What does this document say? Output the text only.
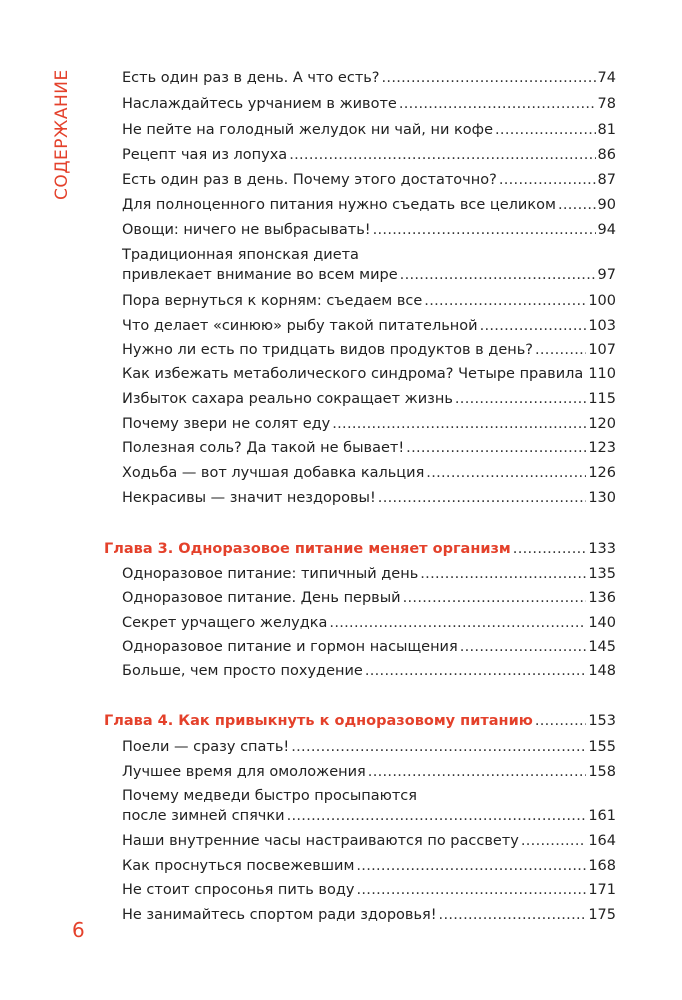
СОДЕРЖАНИЕ
6
Есть один раз в день. А что есть? .....	74
Наслаждайтесь урчанием в животе .....	78
Не пейте на голодный желудок ни чай, ни кофе .....	81
Рецепт чая из лопуха .....	86
Есть один раз в день. Почему этого достаточно? .....	87
Для полноценного питания нужно съедать все целиком .....	90
Овощи: ничего не выбрасывать! .....	94
Традиционная японская диета
привлекает внимание во всем мире .....	97
Пора вернуться к корням: съедаем все .....	100
Что делает «синюю» рыбу такой питательной .....	103
Нужно ли есть по тридцать видов продуктов в день? .....	107
Как избежать метаболического синдрома? Четыре правила ..... 110
Избыток сахара реально сокращает жизнь .....	115
Почему звери не солят еду .....	120
Полезная соль? Да такой не бывает! .....	123
Ходьба — вот лучшая добавка кальция .....	126
Некрасивы — значит нездоровы! .....	130
Глава 3. Одноразовое питание меняет организм .....	133
Одноразовое питание: типичный день .....	135
Одноразовое питание. День первый .....	136
Секрет урчащего желудка .....	140
Одноразовое питание и гормон насыщения .....	145
Больше, чем просто похудение .....	148
Глава 4. Как привыкнуть к одноразовому питанию .....	153
Поели — сразу спать! .....	155
Лучшее время для омоложения .....	158
Почему медведи быстро просыпаются
после зимней спячки .....	161
Наши внутренние часы настраиваются по рассвету .....	164
Как проснуться посвежевшим .....	168
Не стоит спросонья пить воду .....	171
Не занимайтесь спортом ради здоровья! .....	175
